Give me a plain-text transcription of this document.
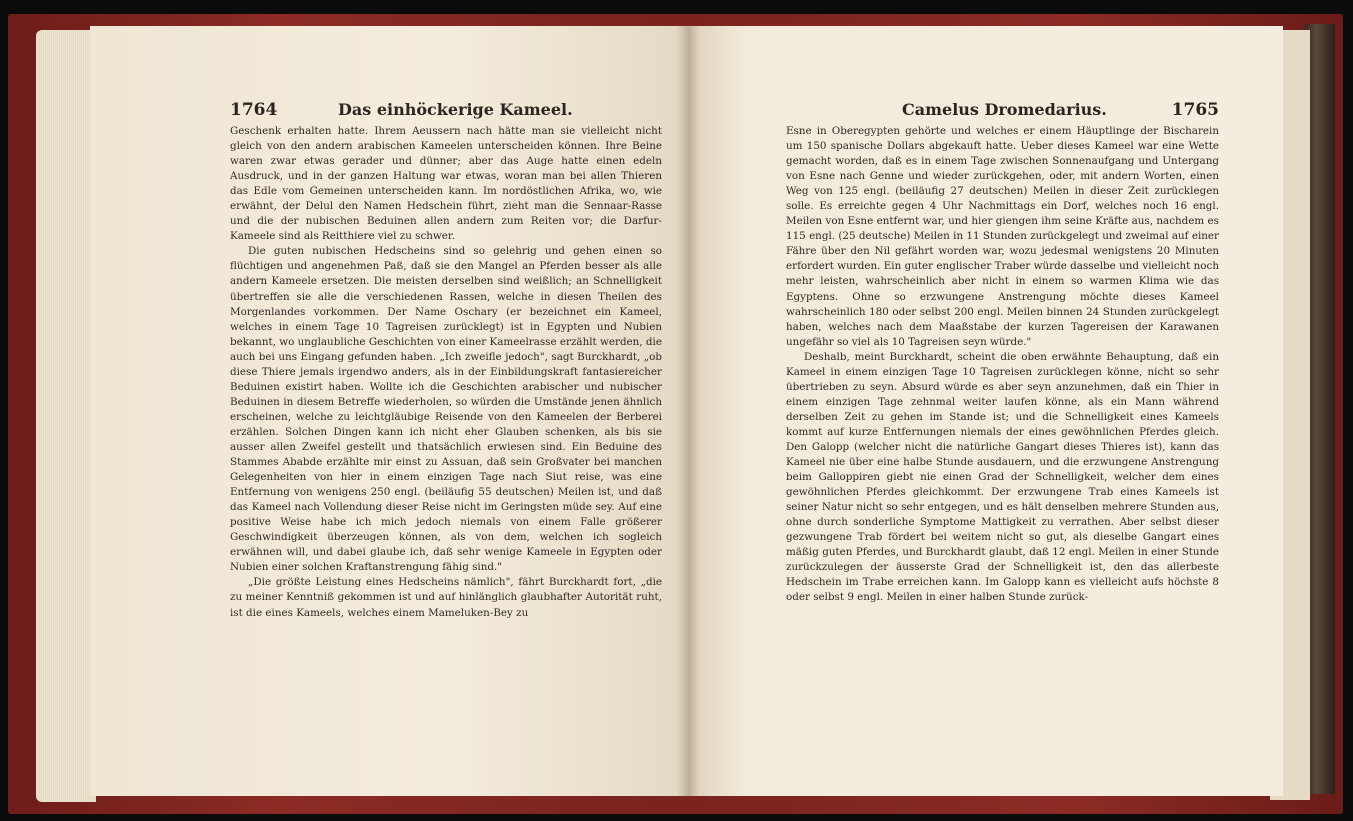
1764	Das einhöckerige Kameel.

Geschenk erhalten hatte. Ihrem Aeussern nach hätte man sie vielleicht nicht gleich von den andern arabischen Kameelen unterscheiden können. Ihre Beine waren zwar etwas gerader und dünner; aber das Auge hatte einen edeln Ausdruck, und in der ganzen Haltung war etwas, woran man bei allen Thieren das Edle vom Gemeinen unterscheiden kann. Im nordöstlichen Afrika, wo, wie erwähnt, der Delul den Namen Hedschein führt, zieht man die Sennaar-Rasse und die der nubischen Beduinen allen andern zum Reiten vor; die Darfur-Kameele sind als Reitthiere viel zu schwer.

Die guten nubischen Hedscheins sind so gelehrig und gehen einen so flüchtigen und angenehmen Paß, daß sie den Mangel an Pferden besser als alle andern Kameele ersetzen. Die meisten derselben sind weißlich; an Schnelligkeit übertreffen sie alle die verschiedenen Rassen, welche in diesen Theilen des Morgenlandes vorkommen. Der Name Oschary (er bezeichnet ein Kameel, welches in einem Tage 10 Tagreisen zurücklegt) ist in Egypten und Nubien bekannt, wo unglaubliche Geschichten von einer Kameelrasse erzählt werden, die auch bei uns Eingang gefunden haben. „Ich zweifle jedoch", sagt Burckhardt, „ob diese Thiere jemals irgendwo anders, als in der Einbildungskraft fantasiereicher Beduinen existirt haben. Wollte ich die Geschichten arabischer und nubischer Beduinen in diesem Betreffe wiederholen, so würden die Umstände jenen ähnlich erscheinen, welche zu leichtgläubige Reisende von den Kameelen der Berberei erzählen. Solchen Dingen kann ich nicht eher Glauben schenken, als bis sie ausser allen Zweifel gestellt und thatsächlich erwiesen sind. Ein Beduine des Stammes Ababde erzählte mir einst zu Assuan, daß sein Großvater bei manchen Gelegenheiten von hier in einem einzigen Tage nach Siut reise, was eine Entfernung von wenigens 250 engl. (beiläufig 55 deutschen) Meilen ist, und daß das Kameel nach Vollendung dieser Reise nicht im Geringsten müde sey. Auf eine positive Weise habe ich mich jedoch niemals von einem Falle größerer Geschwindigkeit überzeugen können, als von dem, welchen ich sogleich erwähnen will, und dabei glaube ich, daß sehr wenige Kameele in Egypten oder Nubien einer solchen Kraftanstrengung fähig sind."

„Die größte Leistung eines Hedscheins nämlich", fährt Burckhardt fort, „die zu meiner Kenntniß gekommen ist und auf hinlänglich glaubhafter Autorität ruht, ist die eines Kameels, welches einem Mameluken-Bey zu

Camelus Dromedarius.	1765

Esne in Oberegypten gehörte und welches er einem Häuptlinge der Bischarein um 150 spanische Dollars abgekauft hatte. Ueber dieses Kameel war eine Wette gemacht worden, daß es in einem Tage zwischen Sonnenaufgang und Untergang von Esne nach Genne und wieder zurückgehen, oder, mit andern Worten, einen Weg von 125 engl. (beiläufig 27 deutschen) Meilen in dieser Zeit zurücklegen solle. Es erreichte gegen 4 Uhr Nachmittags ein Dorf, welches noch 16 engl. Meilen von Esne entfernt war, und hier giengen ihm seine Kräfte aus, nachdem es 115 engl. (25 deutsche) Meilen in 11 Stunden zurückgelegt und zweimal auf einer Fähre über den Nil gefährt worden war, wozu jedesmal wenigstens 20 Minuten erfordert wurden. Ein guter englischer Traber würde dasselbe und vielleicht noch mehr leisten, wahrscheinlich aber nicht in einem so warmen Klima wie das Egyptens. Ohne so erzwungene Anstrengung möchte dieses Kameel wahrscheinlich 180 oder selbst 200 engl. Meilen binnen 24 Stunden zurückgelegt haben, welches nach dem Maaßstabe der kurzen Tagereisen der Karawanen ungefähr so viel als 10 Tagreisen seyn würde."

Deshalb, meint Burckhardt, scheint die oben erwähnte Behauptung, daß ein Kameel in einem einzigen Tage 10 Tagreisen zurücklegen könne, nicht so sehr übertrieben zu seyn. Absurd würde es aber seyn anzunehmen, daß ein Thier in einem einzigen Tage zehnmal weiter laufen könne, als ein Mann während derselben Zeit zu gehen im Stande ist; und die Schnelligkeit eines Kameels kommt auf kurze Entfernungen niemals der eines gewöhnlichen Pferdes gleich. Den Galopp (welcher nicht die natürliche Gangart dieses Thieres ist), kann das Kameel nie über eine halbe Stunde ausdauern, und die erzwungene Anstrengung beim Galloppiren giebt nie einen Grad der Schnelligkeit, welcher dem eines gewöhnlichen Pferdes gleichkommt. Der erzwungene Trab eines Kameels ist seiner Natur nicht so sehr entgegen, und es hält denselben mehrere Stunden aus, ohne durch sonderliche Symptome Mattigkeit zu verrathen. Aber selbst dieser gezwungene Trab fördert bei weitem nicht so gut, als dieselbe Gangart eines mäßig guten Pferdes, und Burckhardt glaubt, daß 12 engl. Meilen in einer Stunde zurückzulegen der äusserste Grad der Schnelligkeit ist, den das allerbeste Hedschein im Trabe erreichen kann. Im Galopp kann es vielleicht aufs höchste 8 oder selbst 9 engl. Meilen in einer halben Stunde zurück-
